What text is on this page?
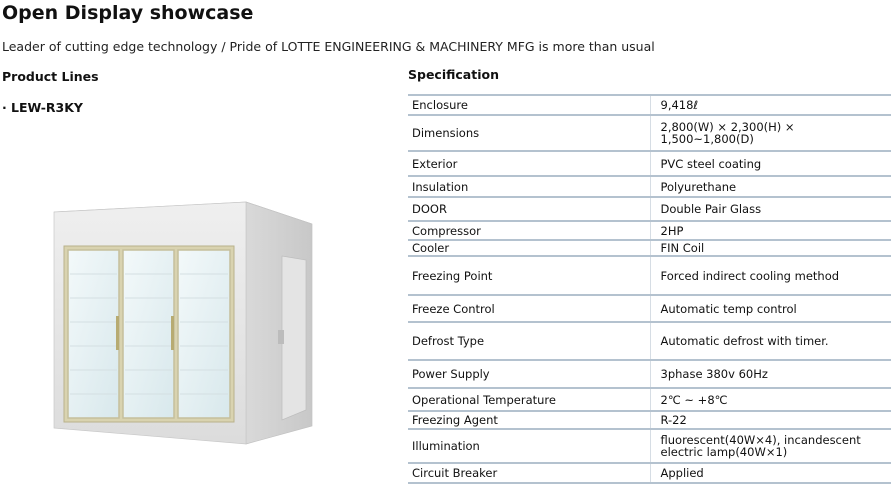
Open Display showcase
Leader of cutting edge technology / Pride of LOTTE ENGINEERING & MACHINERY MFG is more than usual
Product Lines
· LEW-R3KY
Specification
Enclosure	9,418ℓ
Dimensions	2,800(W) × 2,300(H) × 1,500~1,800(D)
Exterior	PVC steel coating
Insulation	Polyurethane
DOOR	Double Pair Glass
Compressor	2HP
Cooler	FIN Coil
Freezing Point	Forced indirect cooling method
Freeze Control	Automatic temp control
Defrost Type	Automatic defrost with timer.
Power Supply	3phase 380v 60Hz
Operational Temperature	2℃ ~ +8℃
Freezing Agent	R-22
Illumination	fluorescent(40W×4), incandescent electric lamp(40W×1)
Circuit Breaker	Applied
